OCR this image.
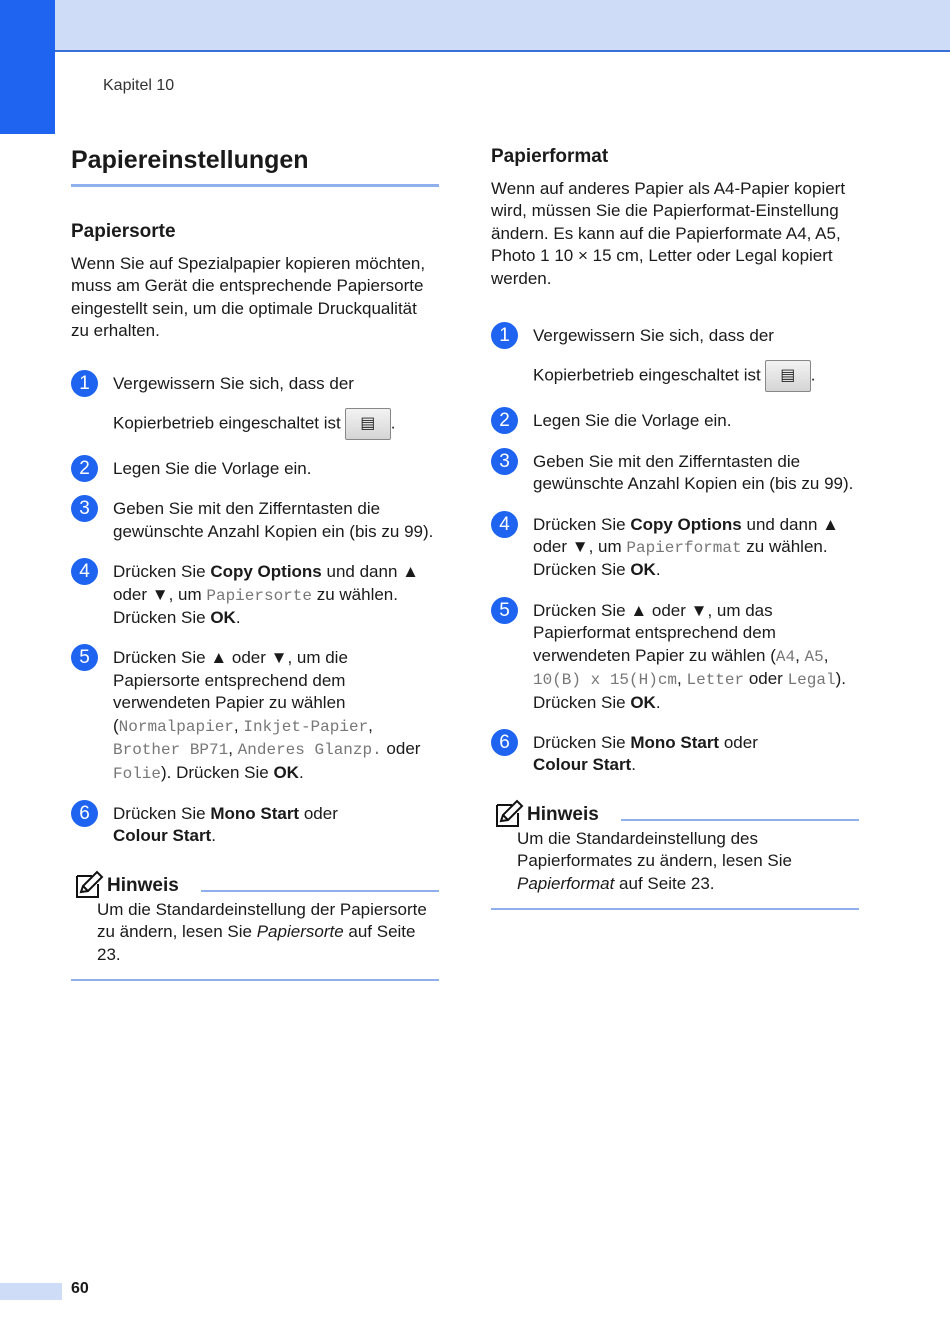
Kapitel 10
Papiereinstellungen
Papiersorte

Wenn Sie auf Spezialpapier kopieren möchten, muss am Gerät die entsprechende Papiersorte eingestellt sein, um die optimale Druckqualität zu erhalten.

1	Vergewissern Sie sich, dass der
Kopierbetrieb eingeschaltet ist ▤ .
2	Legen Sie die Vorlage ein.
3	Geben Sie mit den Zifferntasten die gewünschte Anzahl Kopien ein (bis zu 99).
4	Drücken Sie Copy Options und dann ▲ oder ▼, um Papiersorte zu wählen.
Drücken Sie OK.
5	Drücken Sie ▲ oder ▼, um die Papiersorte entsprechend dem verwendeten Papier zu wählen (Normalpapier, Inkjet-Papier, Brother BP71, Anderes Glanzp. oder Folie). Drücken Sie OK.
6	Drücken Sie Mono Start oder
Colour Start.
Hinweis
Um die Standardeinstellung der Papiersorte zu ändern, lesen Sie Papiersorte auf Seite 23.
Papierformat

Wenn auf anderes Papier als A4-Papier kopiert wird, müssen Sie die Papierformat-Einstellung ändern. Es kann auf die Papierformate A4, A5, Photo 1 10 × 15 cm, Letter oder Legal kopiert werden.

1	Vergewissern Sie sich, dass der
Kopierbetrieb eingeschaltet ist ▤ .
2	Legen Sie die Vorlage ein.
3	Geben Sie mit den Zifferntasten die gewünschte Anzahl Kopien ein (bis zu 99).
4	Drücken Sie Copy Options und dann ▲ oder ▼, um Papierformat zu wählen.
Drücken Sie OK.
5	Drücken Sie ▲ oder ▼, um das Papierformat entsprechend dem verwendeten Papier zu wählen (A4, A5, 10(B) x 15(H)cm, Letter oder Legal).
Drücken Sie OK.
6	Drücken Sie Mono Start oder
Colour Start.
Hinweis
Um die Standardeinstellung des Papierformates zu ändern, lesen Sie Papierformat auf Seite 23.
60
